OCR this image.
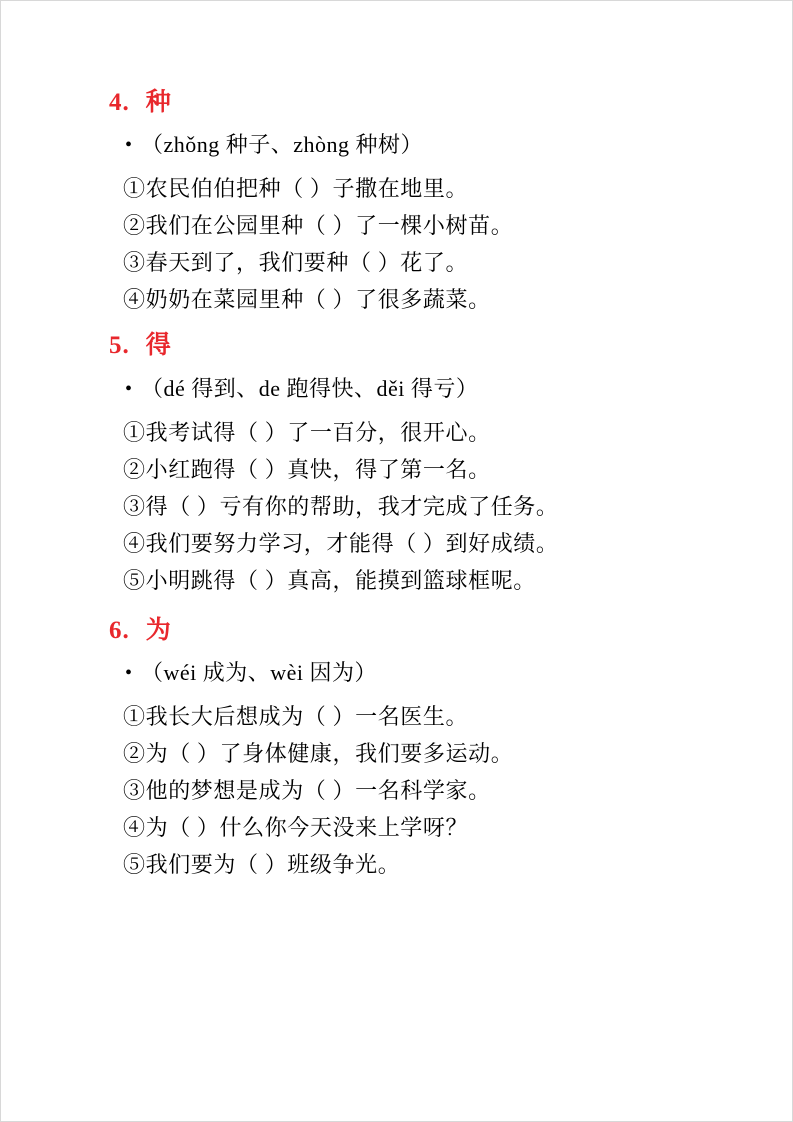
4. 种
• （zhǒng 种子、zhòng 种树）
①农民伯伯把种（ ）子撒在地里。
②我们在公园里种（ ）了一棵小树苗。
③春天到了，我们要种（ ）花了。
④奶奶在菜园里种（ ）了很多蔬菜。
5. 得
• （dé 得到、de 跑得快、děi 得亏）
①我考试得（ ）了一百分，很开心。
②小红跑得（ ）真快，得了第一名。
③得（ ）亏有你的帮助，我才完成了任务。
④我们要努力学习，才能得（ ）到好成绩。
⑤小明跳得（ ）真高，能摸到篮球框呢。
6. 为
• （wéi 成为、wèi 因为）
①我长大后想成为（ ）一名医生。
②为（ ）了身体健康，我们要多运动。
③他的梦想是成为（ ）一名科学家。
④为（ ）什么你今天没来上学呀？
⑤我们要为（ ）班级争光。
